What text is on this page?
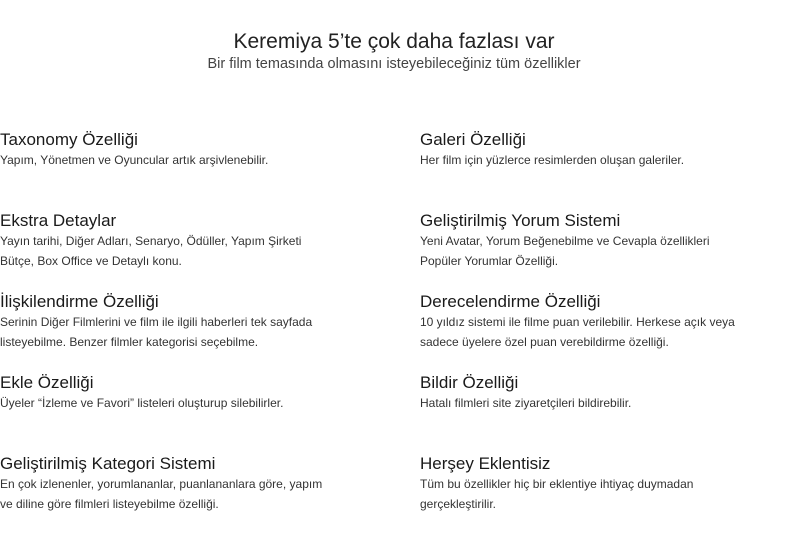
Keremiya 5’te çok daha fazlası var

Bir film temasında olmasını isteyebileceğiniz tüm özellikler

Taxonomy Özelliği
Yapım, Yönetmen ve Oyuncular artık arşivlenebilir.
Ekstra Detaylar
Yayın tarihi, Diğer Adları, Senaryo, Ödüller, Yapım Şirketi
Bütçe, Box Office ve Detaylı konu.
İlişkilendirme Özelliği
Serinin Diğer Filmlerini ve film ile ilgili haberleri tek sayfada
listeyebilme. Benzer filmler kategorisi seçebilme.
Ekle Özelliği
Üyeler “İzleme ve Favori” listeleri oluşturup silebilirler.
Geliştirilmiş Kategori Sistemi
En çok izlenenler, yorumlananlar, puanlananlara göre, yapım
ve diline göre filmleri listeyebilme özelliği.
Galeri Özelliği
Her film için yüzlerce resimlerden oluşan galeriler.
Geliştirilmiş Yorum Sistemi
Yeni Avatar, Yorum Beğenebilme ve Cevapla özellikleri
Popüler Yorumlar Özelliği.
Derecelendirme Özelliği
10 yıldız sistemi ile filme puan verilebilir. Herkese açık veya
sadece üyelere özel puan verebildirme özelliği.
Bildir Özelliği
Hatalı filmleri site ziyaretçileri bildirebilir.
Herşey Eklentisiz
Tüm bu özellikler hiç bir eklentiye ihtiyaç duymadan
gerçekleştirilir.
